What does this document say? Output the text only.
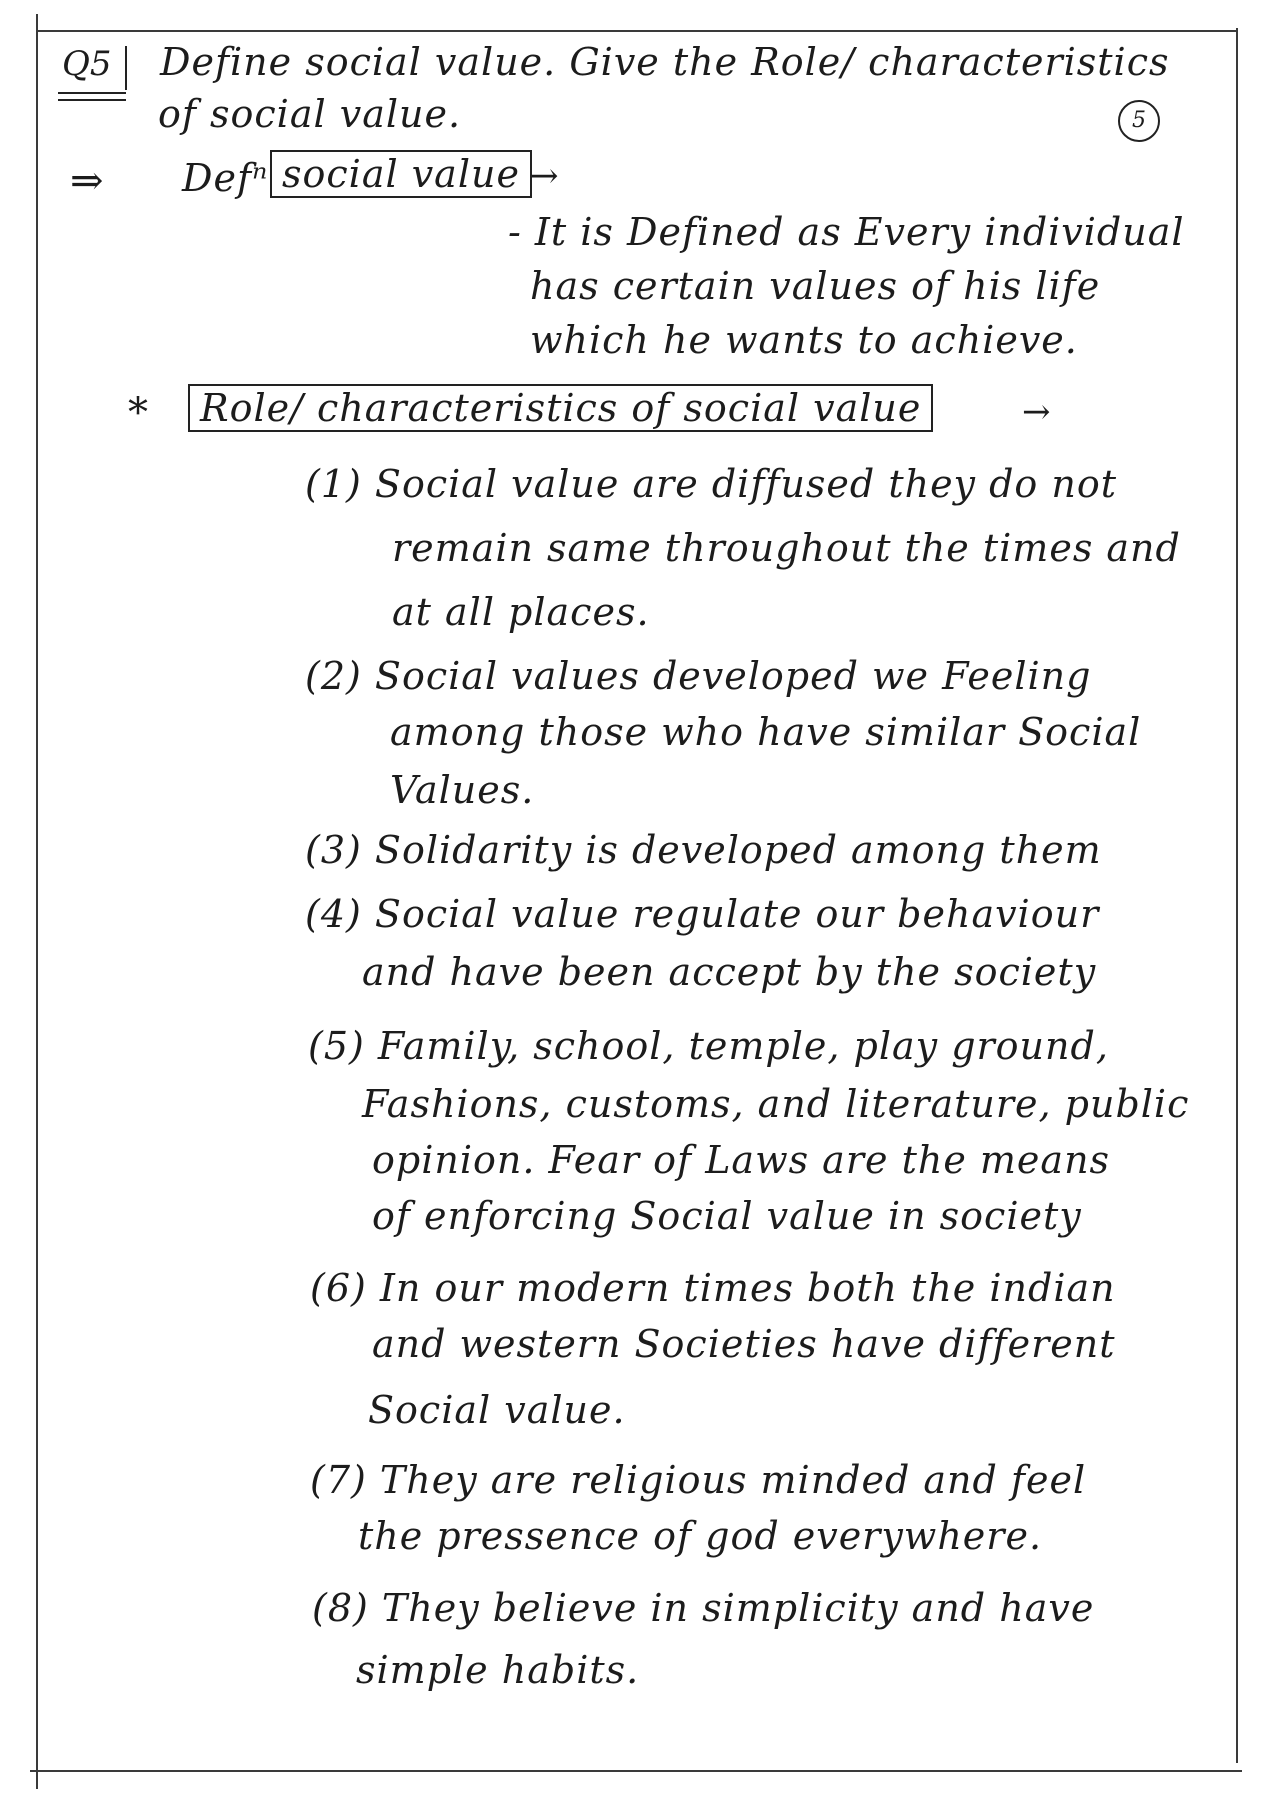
Q5 Define social value. Give the Role/ characteristics
of social value.	5
⇒ Defⁿ social value →
- It is Defined as Every individual
has certain values of his life
which he wants to achieve.
*	Role/ characteristics of social value	→
(1) Social value are diffused they do not
remain same throughout the times and
at all places.
(2) Social values developed we Feeling
among those who have similar Social
Values.
(3) Solidarity is developed among them
(4) Social value regulate our behaviour
and have been accept by the society
(5) Family, school, temple, play ground,
Fashions, customs, and literature, public
opinion. Fear of Laws are the means
of enforcing Social value in society
(6) In our modern times both the indian
and western Societies have different
Social value.
(7) They are religious minded and feel
the pressence of god everywhere.
(8) They believe in simplicity and have
simple habits.
